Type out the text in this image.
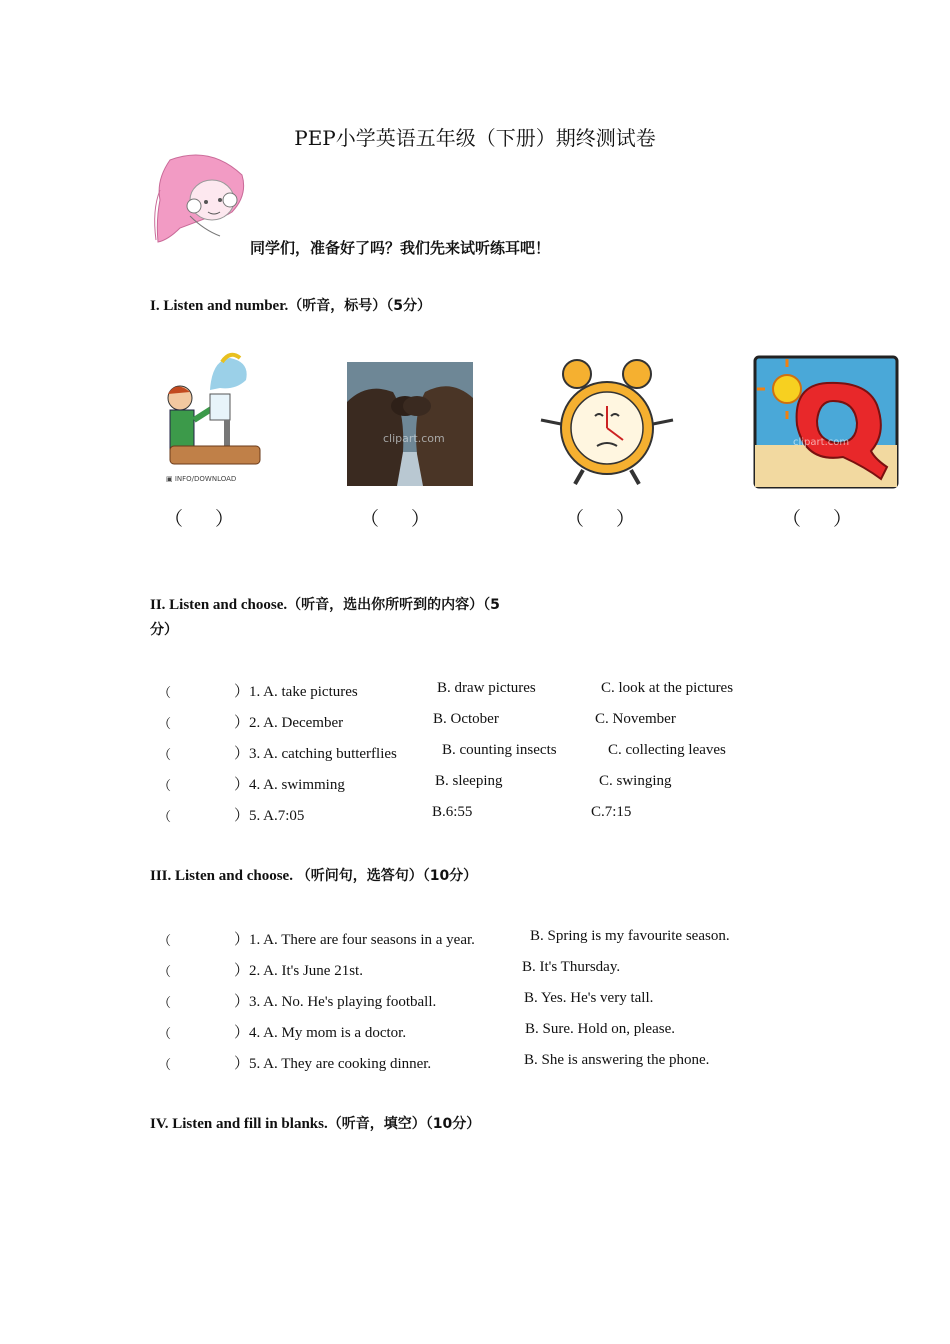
PEP小学英语五年级（下册）期终测试卷
同学们，准备好了吗？我们先来试听练耳吧！
I. Listen and number.（听音，标号）（5分）
▣ INFO/DOWNLOAD
clipart.com	clipart.com
（ ）	（ ）	（ ）	（ ）
II. Listen and choose.（听音，选出你所听到的内容）（5
分）
（	）1. A. take pictures	B. draw pictures	C. look at the pictures
（	）2. A. December	B. October	C. November
（	）3. A. catching butterflies	B. counting insects	C. collecting leaves
（	）4. A. swimming	B. sleeping	C. swinging
（	）5. A.7:05	B.6:55	C.7:15
III. Listen and choose. （听问句，选答句）（10分）
（	）1. A. There are four seasons in a year.	B. Spring is my favourite season.
（	）2. A. It's June 21st.	B. It's Thursday.
（	）3. A. No. He's playing football.	B. Yes. He's very tall.
（	）4. A. My mom is a doctor.	B. Sure. Hold on, please.
（	）5. A. They are cooking dinner.	B. She is answering the phone.
IV. Listen and fill in blanks.（听音，填空）（10分）
